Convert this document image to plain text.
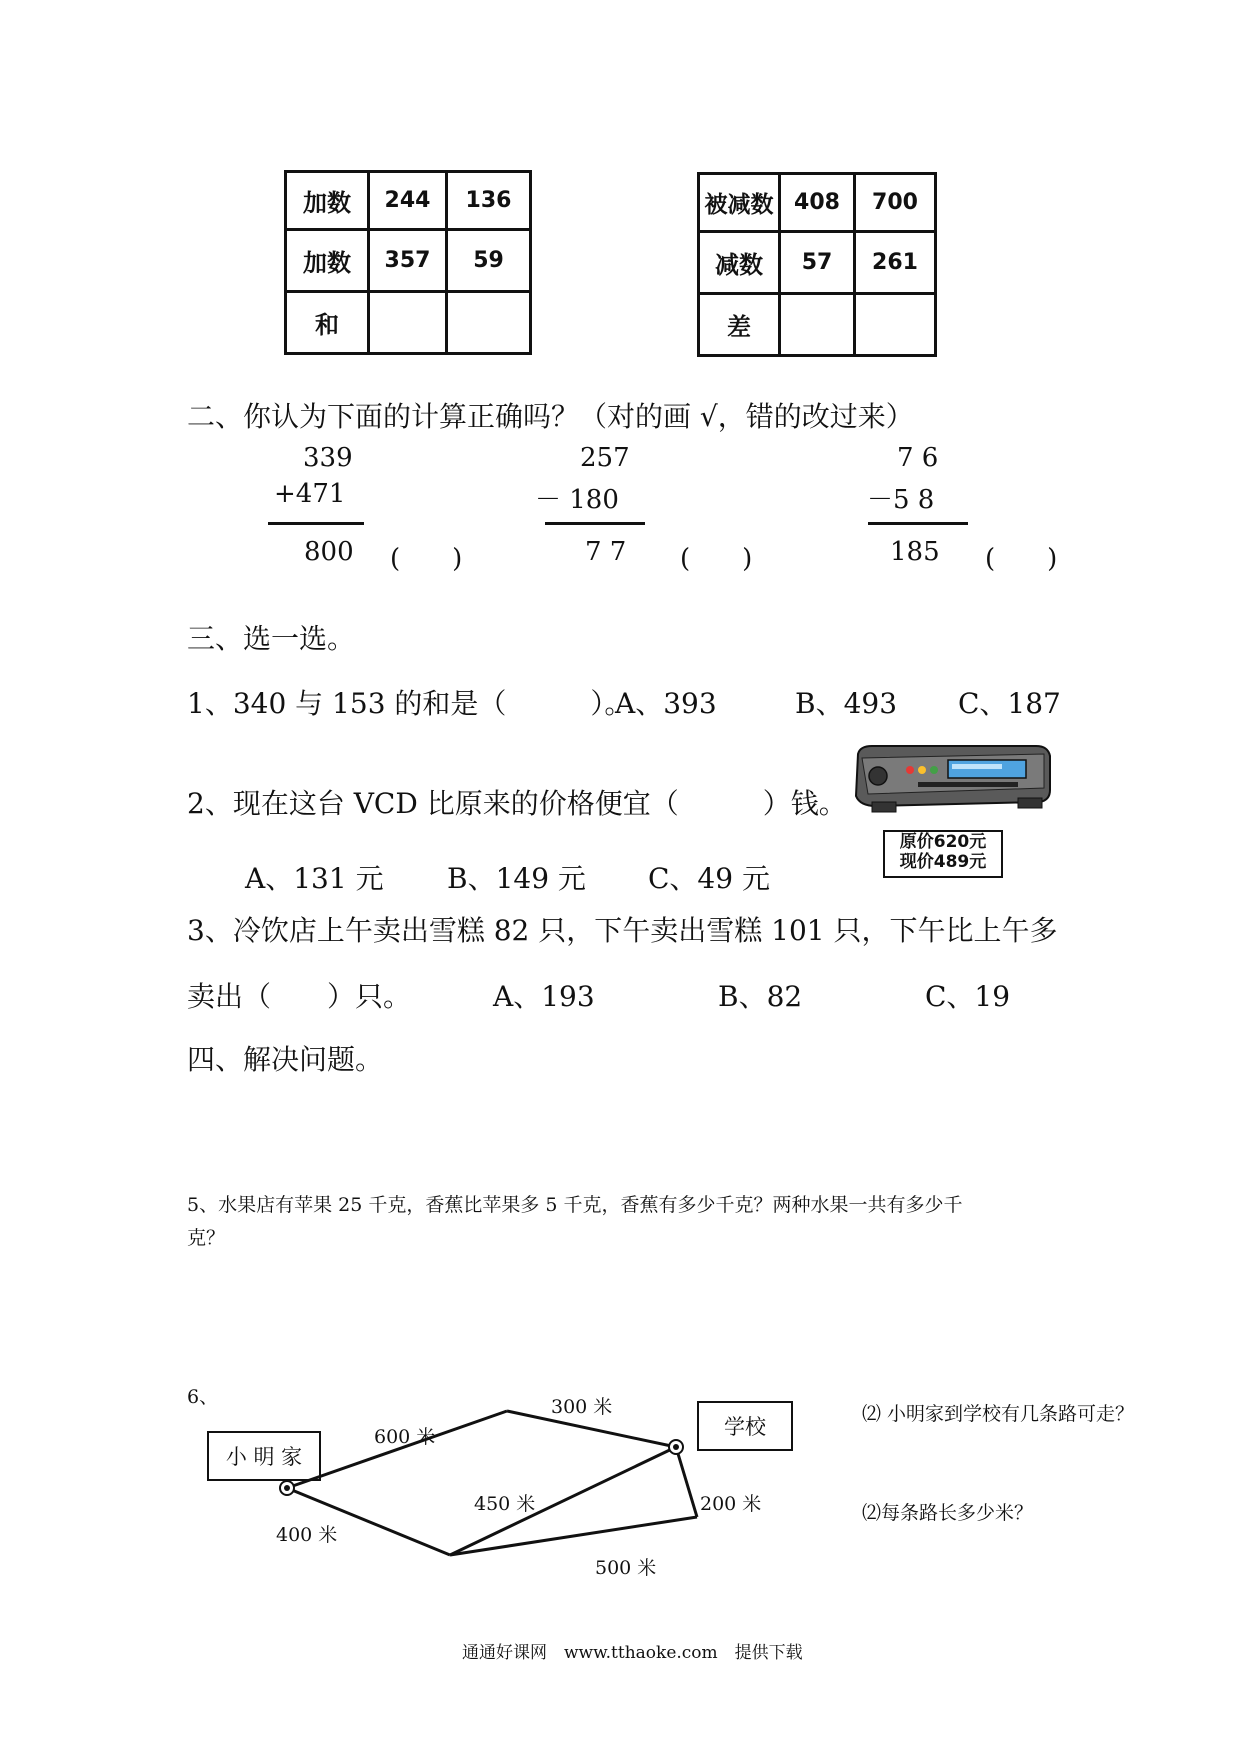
加数	244	136
加数	357	59
和		
被减数	408	700
减数	57	261
差		
二、你认为下面的计算正确吗？（对的画 √，错的改过来）
339
+471
800 (　　)
257
－ 180
7 7 (　　)
7 6
－5 8
185 (　　)
三、选一选。
1、340 与 153 的和是（　　　）。
A、393	B、493 C、187
2、现在这台 VCD 比原来的价格便宜（　　　）钱。
原价620元
现价489元
A、131 元 B、149 元 C、49 元
3、冷饮店上午卖出雪糕 82 只，下午卖出雪糕 101 只，下午比上午多
卖出（　　）只。	A、193	B、82	C、19
四、解决问题。
5、水果店有苹果 25 千克，香蕉比苹果多 5 千克，香蕉有多少千克？两种水果一共有多少千
克？
6、
小 明 家
学校
600 米
300 米
450 米	200 米
400 米
500 米
⑵ 小明家到学校有几条路可走？
⑵每条路长多少米？
通通好课网　www.tthaoke.com　提供下载
